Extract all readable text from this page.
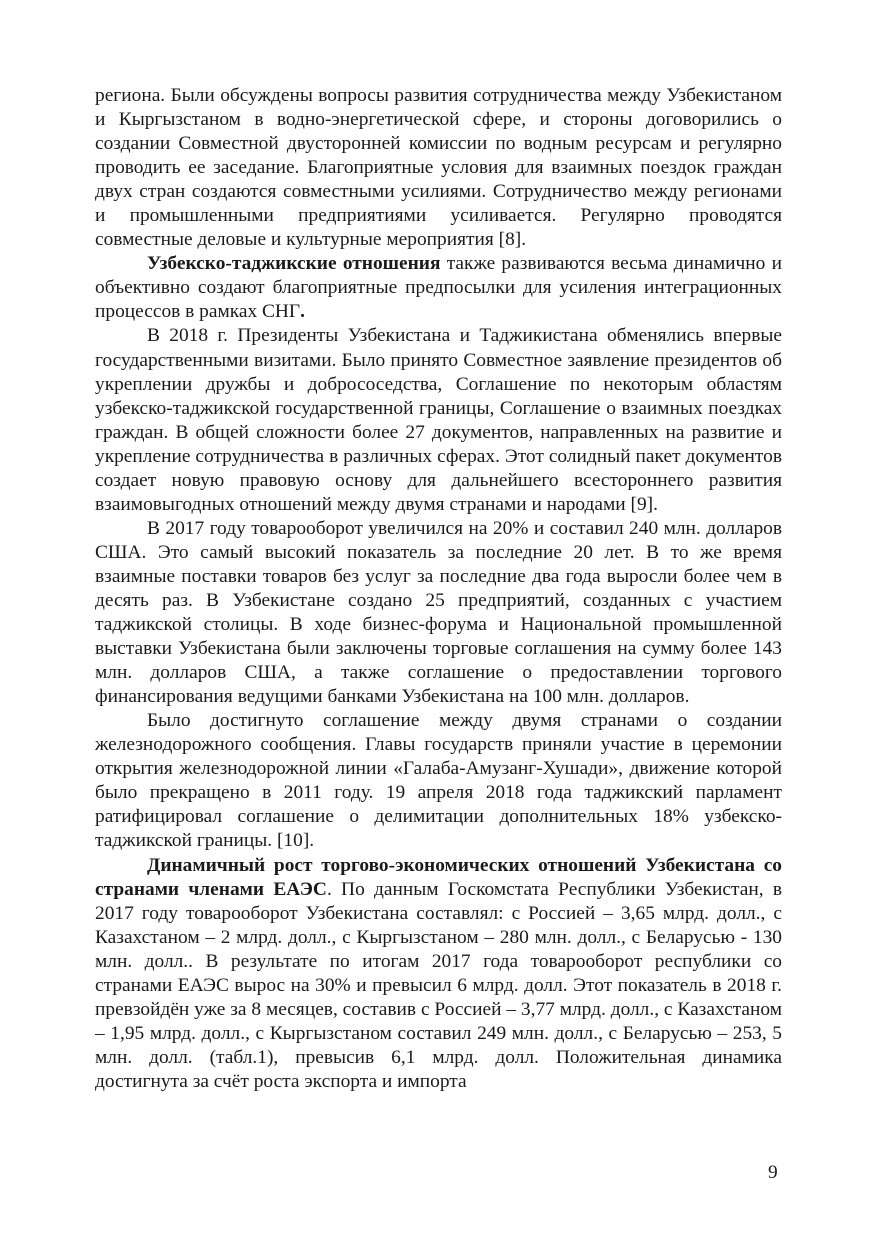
региона. Были обсуждены вопросы развития сотрудничества между Узбекистаном и Кыргызстаном в водно-энергетической сфере, и стороны договорились о создании Совместной двусторонней комиссии по водным ресурсам и регулярно проводить ее заседание. Благоприятные условия для взаимных поездок граждан двух стран создаются совместными усилиями. Сотрудничество между регионами и промышленными предприятиями усиливается. Регулярно проводятся совместные деловые и культурные мероприятия [8].

Узбекско-таджикские отношения также развиваются весьма динамично и объективно создают благоприятные предпосылки для усиления интеграционных процессов в рамках СНГ.

В 2018 г. Президенты Узбекистана и Таджикистана обменялись впервые государственными визитами. Было принято Совместное заявление президентов об укреплении дружбы и добрососедства, Соглашение по некоторым областям узбекско-таджикской государственной границы, Соглашение о взаимных поездках граждан. В общей сложности более 27 документов, направленных на развитие и укрепление сотрудничества в различных сферах. Этот солидный пакет документов создает новую правовую основу для дальнейшего всестороннего развития взаимовыгодных отношений между двумя странами и народами [9].

В 2017 году товарооборот увеличился на 20% и составил 240 млн. долларов США. Это самый высокий показатель за последние 20 лет. В то же время взаимные поставки товаров без услуг за последние два года выросли более чем в десять раз. В Узбекистане создано 25 предприятий, созданных с участием таджикской столицы. В ходе бизнес-форума и Национальной промышленной выставки Узбекистана были заключены торговые соглашения на сумму более 143 млн. долларов США, а также соглашение о предоставлении торгового финансирования ведущими банками Узбекистана на 100 млн. долларов.

Было достигнуто соглашение между двумя странами о создании железнодорожного сообщения. Главы государств приняли участие в церемонии открытия железнодорожной линии «Галаба-Амузанг-Хушади», движение которой было прекращено в 2011 году. 19 апреля 2018 года таджикский парламент ратифицировал соглашение о делимитации дополнительных 18% узбекско-таджикской границы. [10].

Динамичный рост торгово-экономических отношений Узбекистана со странами членами ЕАЭС. По данным Госкомстата Республики Узбекистан, в 2017 году товарооборот Узбекистана составлял: с Россией – 3,65 млрд. долл., с Казахстаном – 2 млрд. долл., с Кыргызстаном – 280 млн. долл., с Беларусью - 130 млн. долл.. В результате по итогам 2017 года товарооборот республики со странами ЕАЭС вырос на 30% и превысил 6 млрд. долл. Этот показатель в 2018 г. превзойдён уже за 8 месяцев, составив с Россией – 3,77 млрд. долл., с Казахстаном – 1,95 млрд. долл., с Кыргызстаном составил 249 млн. долл., с Беларусью – 253, 5 млн. долл. (табл.1), превысив 6,1 млрд. долл. Положительная динамика достигнута за счёт роста экспорта и импорта

9
